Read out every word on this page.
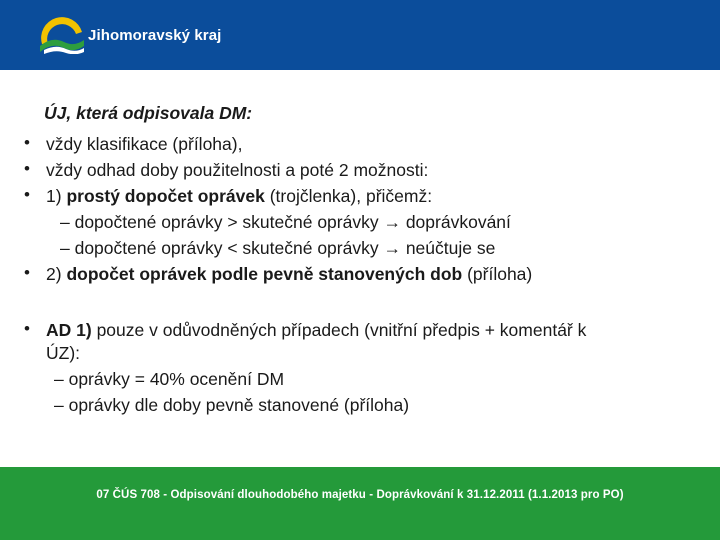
Jihomoravský kraj
ÚJ, která odpisovala DM:
• vždy klasifikace (příloha),
• vždy odhad doby použitelnosti a poté 2 možnosti:
• 1) prostý dopočet oprávek (trojčlenka), přičemž:
– dopočtené oprávky > skutečné oprávky → doprávkování
– dopočtené oprávky < skutečné oprávky → neúčtuje se
• 2) dopočet oprávek podle pevně stanovených dob (příloha)
• AD 1) pouze v odůvodněných případech (vnitřní předpis + komentář k
ÚZ):
– oprávky = 40% ocenění DM
– oprávky dle doby pevně stanovené (příloha)
07 ČÚS 708 - Odpisování dlouhodobého majetku - Doprávkování k 31.12.2011 (1.1.2013 pro PO)
